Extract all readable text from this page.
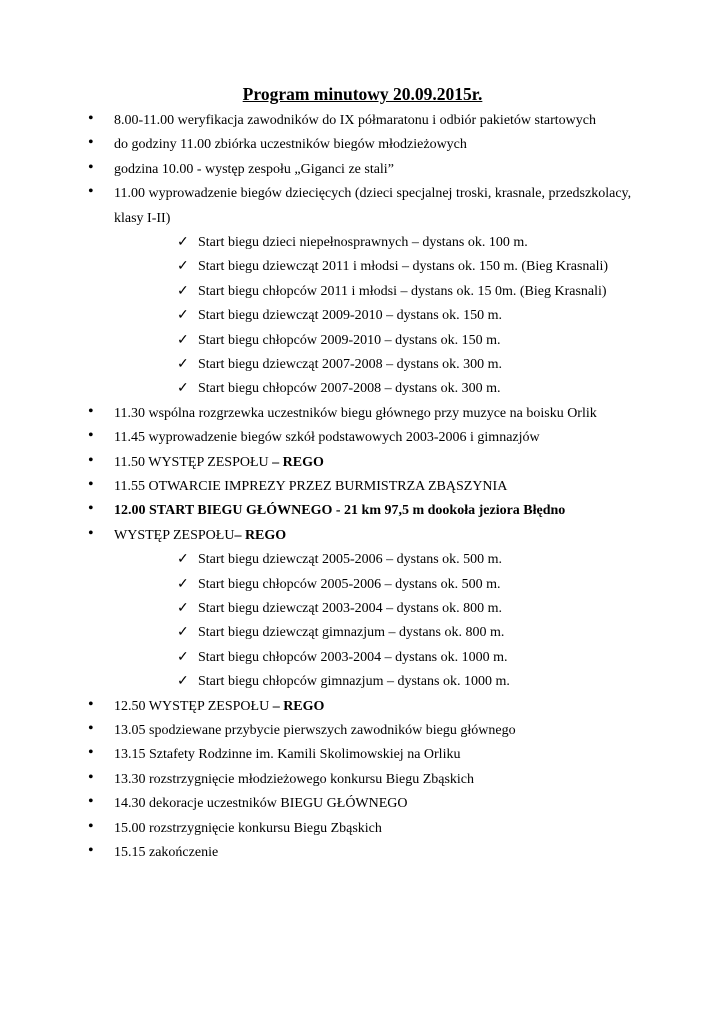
Program minutowy 20.09.2015r.
• 8.00-11.00 weryfikacja zawodników do IX półmaratonu i odbiór pakietów startowych
• do godziny 11.00 zbiórka uczestników biegów młodzieżowych
• godzina 10.00 - występ zespołu „Giganci ze stali”
• 11.00 wyprowadzenie biegów dziecięcych (dzieci specjalnej troski, krasnale, przedszkolacy,
klasy I-II)
✓ Start biegu dzieci niepełnosprawnych – dystans ok. 100 m.
✓ Start biegu dziewcząt 2011 i młodsi – dystans ok. 150 m. (Bieg Krasnali)
✓ Start biegu chłopców 2011 i młodsi – dystans ok. 15 0m. (Bieg Krasnali)
✓ Start biegu dziewcząt 2009-2010 – dystans ok. 150 m.
✓ Start biegu chłopców 2009-2010 – dystans ok. 150 m.
✓ Start biegu dziewcząt 2007-2008 – dystans ok. 300 m.
✓ Start biegu chłopców 2007-2008 – dystans ok. 300 m.
• 11.30 wspólna rozgrzewka uczestników biegu głównego przy muzyce na boisku Orlik
• 11.45 wyprowadzenie biegów szkół podstawowych 2003-2006 i gimnazjów
• 11.50 WYSTĘP ZESPOŁU – REGO
• 11.55 OTWARCIE IMPREZY PRZEZ BURMISTRZA ZBĄSZYNIA
• 12.00 START BIEGU GŁÓWNEGO - 21 km 97,5 m dookoła jeziora Błędno
• WYSTĘP ZESPOŁU– REGO
✓ Start biegu dziewcząt 2005-2006 – dystans ok. 500 m.
✓ Start biegu chłopców 2005-2006 – dystans ok. 500 m.
✓ Start biegu dziewcząt 2003-2004 – dystans ok. 800 m.
✓ Start biegu dziewcząt gimnazjum – dystans ok. 800 m.
✓ Start biegu chłopców 2003-2004 – dystans ok. 1000 m.
✓ Start biegu chłopców gimnazjum – dystans ok. 1000 m.
• 12.50 WYSTĘP ZESPOŁU – REGO
• 13.05 spodziewane przybycie pierwszych zawodników biegu głównego
• 13.15 Sztafety Rodzinne im. Kamili Skolimowskiej na Orliku
• 13.30 rozstrzygnięcie młodzieżowego konkursu Biegu Zbąskich
• 14.30 dekoracje uczestników BIEGU GŁÓWNEGO
• 15.00 rozstrzygnięcie konkursu Biegu Zbąskich
• 15.15 zakończenie
